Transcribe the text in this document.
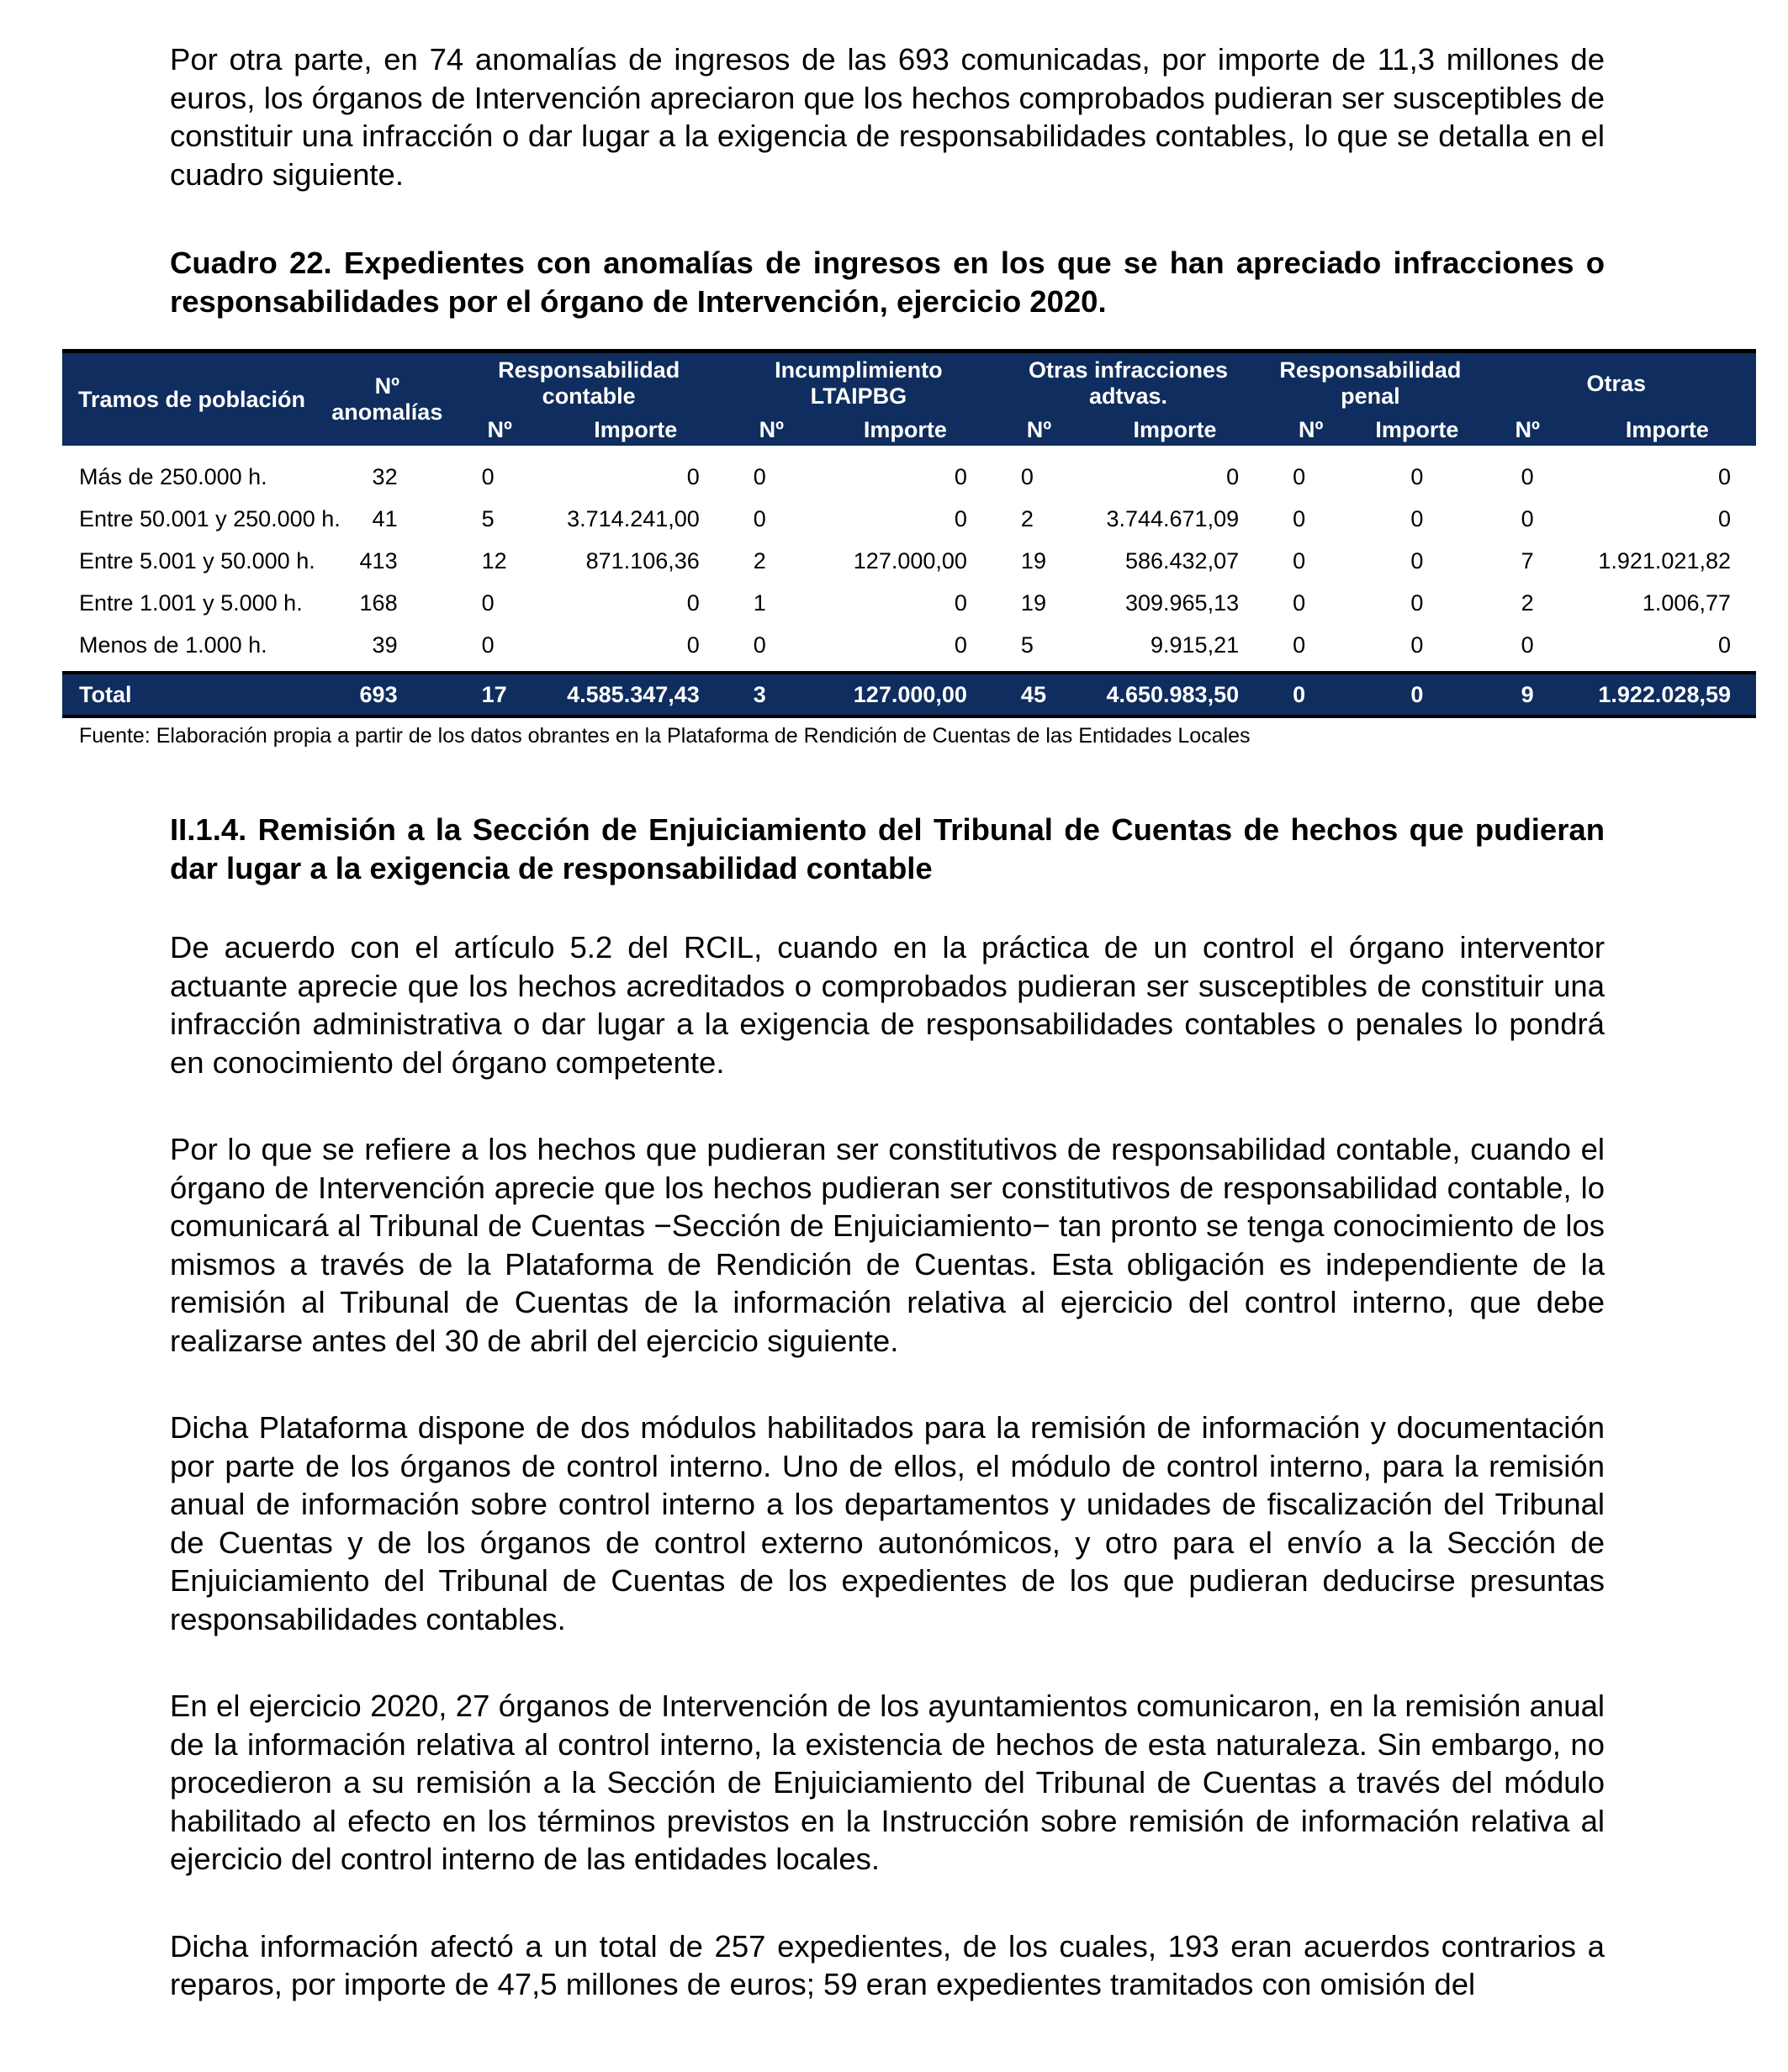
Por otra parte, en 74 anomalías de ingresos de las 693 comunicadas, por importe de 11,3 millones de euros, los órganos de Intervención apreciaron que los hechos comprobados pudieran ser susceptibles de constituir una infracción o dar lugar a la exigencia de responsabilidades contables, lo que se detalla en el cuadro siguiente.

Cuadro 22. Expedientes con anomalías de ingresos en los que se han apreciado infracciones o responsabilidades por el órgano de Intervención, ejercicio 2020.

Tramos de población	Nº anomalías	Responsabilidad contable		Incumplimiento LTAIPBG		Otras infracciones adtvas.		Responsabilidad penal		Otras	
		Nº	Importe	Nº	Importe	Nº	Importe	Nº	Importe	Nº	Importe
Más de 250.000 h.	32	0	0	0	0	0	0	0	0	0	0
Entre 50.001 y 250.000 h.	41	5	3.714.241,00	0	0	2	3.744.671,09	0	0	0	0
Entre 5.001 y 50.000 h.	413	12	871.106,36	2	127.000,00	19	586.432,07	0	0	7	1.921.021,82
Entre 1.001 y 5.000 h.	168	0	0	1	0	19	309.965,13	0	0	2	1.006,77
Menos de 1.000 h.	39	0	0	0	0	5	9.915,21	0	0	0	0
Total	693	17	4.585.347,43	3	127.000,00	45	4.650.983,50	0	0	9	1.922.028,59
Fuente: Elaboración propia a partir de los datos obrantes en la Plataforma de Rendición de Cuentas de las Entidades Locales

II.1.4. Remisión a la Sección de Enjuiciamiento del Tribunal de Cuentas de hechos que pudieran dar lugar a la exigencia de responsabilidad contable

De acuerdo con el artículo 5.2 del RCIL, cuando en la práctica de un control el órgano interventor actuante aprecie que los hechos acreditados o comprobados pudieran ser susceptibles de constituir una infracción administrativa o dar lugar a la exigencia de responsabilidades contables o penales lo pondrá en conocimiento del órgano competente.

Por lo que se refiere a los hechos que pudieran ser constitutivos de responsabilidad contable, cuando el órgano de Intervención aprecie que los hechos pudieran ser constitutivos de responsabilidad contable, lo comunicará al Tribunal de Cuentas −Sección de Enjuiciamiento− tan pronto se tenga conocimiento de los mismos a través de la Plataforma de Rendición de Cuentas. Esta obligación es independiente de la remisión al Tribunal de Cuentas de la información relativa al ejercicio del control interno, que debe realizarse antes del 30 de abril del ejercicio siguiente.

Dicha Plataforma dispone de dos módulos habilitados para la remisión de información y documentación por parte de los órganos de control interno. Uno de ellos, el módulo de control interno, para la remisión anual de información sobre control interno a los departamentos y unidades de fiscalización del Tribunal de Cuentas y de los órganos de control externo autonómicos, y otro para el envío a la Sección de Enjuiciamiento del Tribunal de Cuentas de los expedientes de los que pudieran deducirse presuntas responsabilidades contables.

En el ejercicio 2020, 27 órganos de Intervención de los ayuntamientos comunicaron, en la remisión anual de la información relativa al control interno, la existencia de hechos de esta naturaleza. Sin embargo, no procedieron a su remisión a la Sección de Enjuiciamiento del Tribunal de Cuentas a través del módulo habilitado al efecto en los términos previstos en la Instrucción sobre remisión de información relativa al ejercicio del control interno de las entidades locales.

Dicha información afectó a un total de 257 expedientes, de los cuales, 193 eran acuerdos contrarios a reparos, por importe de 47,5 millones de euros; 59 eran expedientes tramitados con omisión del
